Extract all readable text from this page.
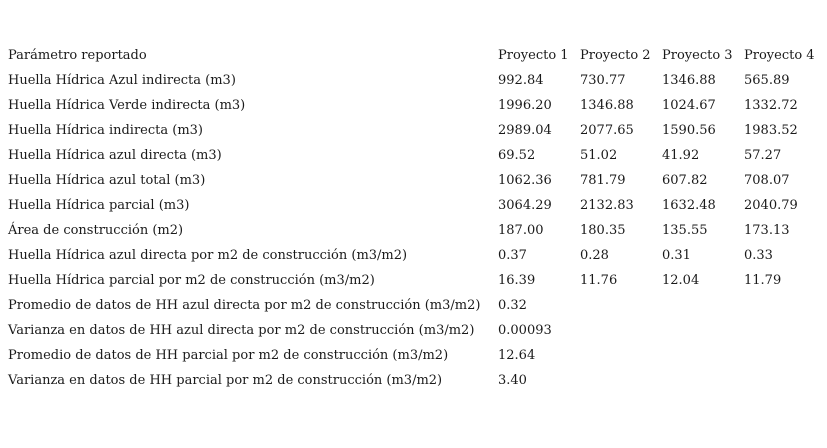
Parámetro reportado	Proyecto 1	Proyecto 2	Proyecto 3	Proyecto 4
Huella Hídrica Azul indirecta (m3)	992.84	730.77	1346.88	565.89
Huella Hídrica Verde indirecta (m3)	1996.20	1346.88	1024.67	1332.72
Huella Hídrica indirecta (m3)	2989.04	2077.65	1590.56	1983.52
Huella Hídrica azul directa (m3)	69.52	51.02	41.92	57.27
Huella Hídrica azul total (m3)	1062.36	781.79	607.82	708.07
Huella Hídrica parcial (m3)	3064.29	2132.83	1632.48	2040.79
Área de construcción (m2)	187.00	180.35	135.55	173.13
Huella Hídrica azul directa por m2 de construcción (m3/m2)	0.37	0.28	0.31	0.33
Huella Hídrica parcial por m2 de construcción (m3/m2)	16.39	11.76	12.04	11.79
Promedio de datos de HH azul directa por m2 de construcción (m3/m2)	0.32			
Varianza en datos de HH azul directa por m2 de construcción (m3/m2)	0.00093			
Promedio de datos de HH parcial por m2 de construcción (m3/m2)	12.64			
Varianza en datos de HH parcial por m2 de construcción (m3/m2)	3.40			
